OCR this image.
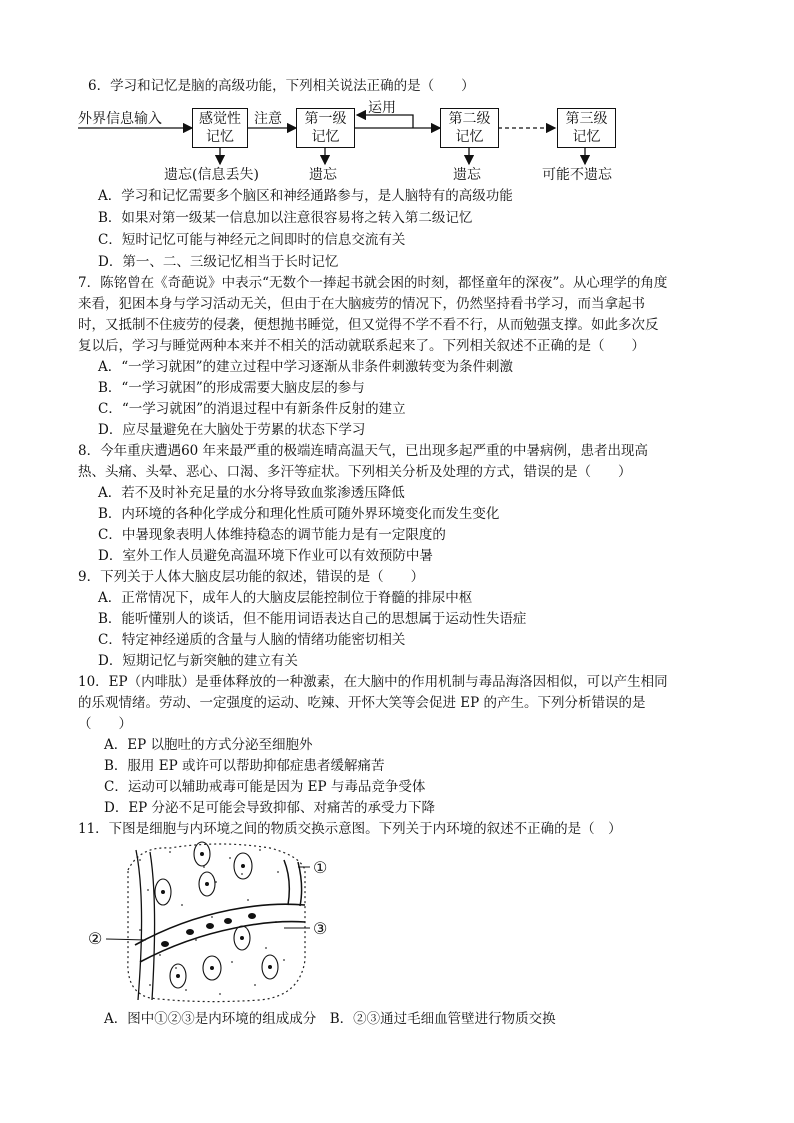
6．学习和记忆是脑的高级功能，下列相关说法正确的是（　　）
外界信息输入	感觉性
记忆
注意 第一级
记忆
运用
第二级
记忆
第三级
记忆
遗忘(信息丢失)	遗忘	遗忘	可能不遗忘
A．学习和记忆需要多个脑区和神经通路参与，是人脑特有的高级功能
B．如果对第一级某一信息加以注意很容易将之转入第二级记忆
C．短时记忆可能与神经元之间即时的信息交流有关
D．第一、二、三级记忆相当于长时记忆
7．陈铭曾在《奇葩说》中表示“无数个一捧起书就会困的时刻，都怪童年的深夜”。从心理学的角度
来看，犯困本身与学习活动无关，但由于在大脑疲劳的情况下，仍然坚持看书学习，而当拿起书
时，又抵制不住疲劳的侵袭，便想抛书睡觉，但又觉得不学不看不行，从而勉强支撑。如此多次反
复以后，学习与睡觉两种本来并不相关的活动就联系起来了。下列相关叙述不正确的是（　　）
A．“一学习就困”的建立过程中学习逐渐从非条件刺激转变为条件刺激
B．“一学习就困”的形成需要大脑皮层的参与
C．“一学习就困”的消退过程中有新条件反射的建立
D．应尽量避免在大脑处于劳累的状态下学习
8．今年重庆遭遇60 年来最严重的极端连晴高温天气，已出现多起严重的中暑病例，患者出现高
热、头痛、头晕、恶心、口渴、多汗等症状。下列相关分析及处理的方式，错误的是（　　）
A．若不及时补充足量的水分将导致血浆渗透压降低
B．内环境的各种化学成分和理化性质可随外界环境变化而发生变化
C．中暑现象表明人体维持稳态的调节能力是有一定限度的
D．室外工作人员避免高温环境下作业可以有效预防中暑
9．下列关于人体大脑皮层功能的叙述，错误的是（　　）
A．正常情况下，成年人的大脑皮层能控制位于脊髓的排尿中枢
B．能听懂别人的谈话，但不能用词语表达自己的思想属于运动性失语症
C．特定神经递质的含量与人脑的情绪功能密切相关
D．短期记忆与新突触的建立有关
10．EP（内啡肽）是垂体释放的一种激素，在大脑中的作用机制与毒品海洛因相似，可以产生相同
的乐观情绪。劳动、一定强度的运动、吃辣、开怀大笑等会促进 EP 的产生。下列分析错误的是
（　　）
A．EP 以胞吐的方式分泌至细胞外
B．服用 EP 或许可以帮助抑郁症患者缓解痛苦
C．运动可以辅助戒毒可能是因为 EP 与毒品竞争受体
D．EP 分泌不足可能会导致抑郁、对痛苦的承受力下降
11．下图是细胞与内环境之间的物质交换示意图。下列关于内环境的叙述不正确的是（　）
①
②
③
A．图中①②③是内环境的组成成分　B．②③通过毛细血管壁进行物质交换
